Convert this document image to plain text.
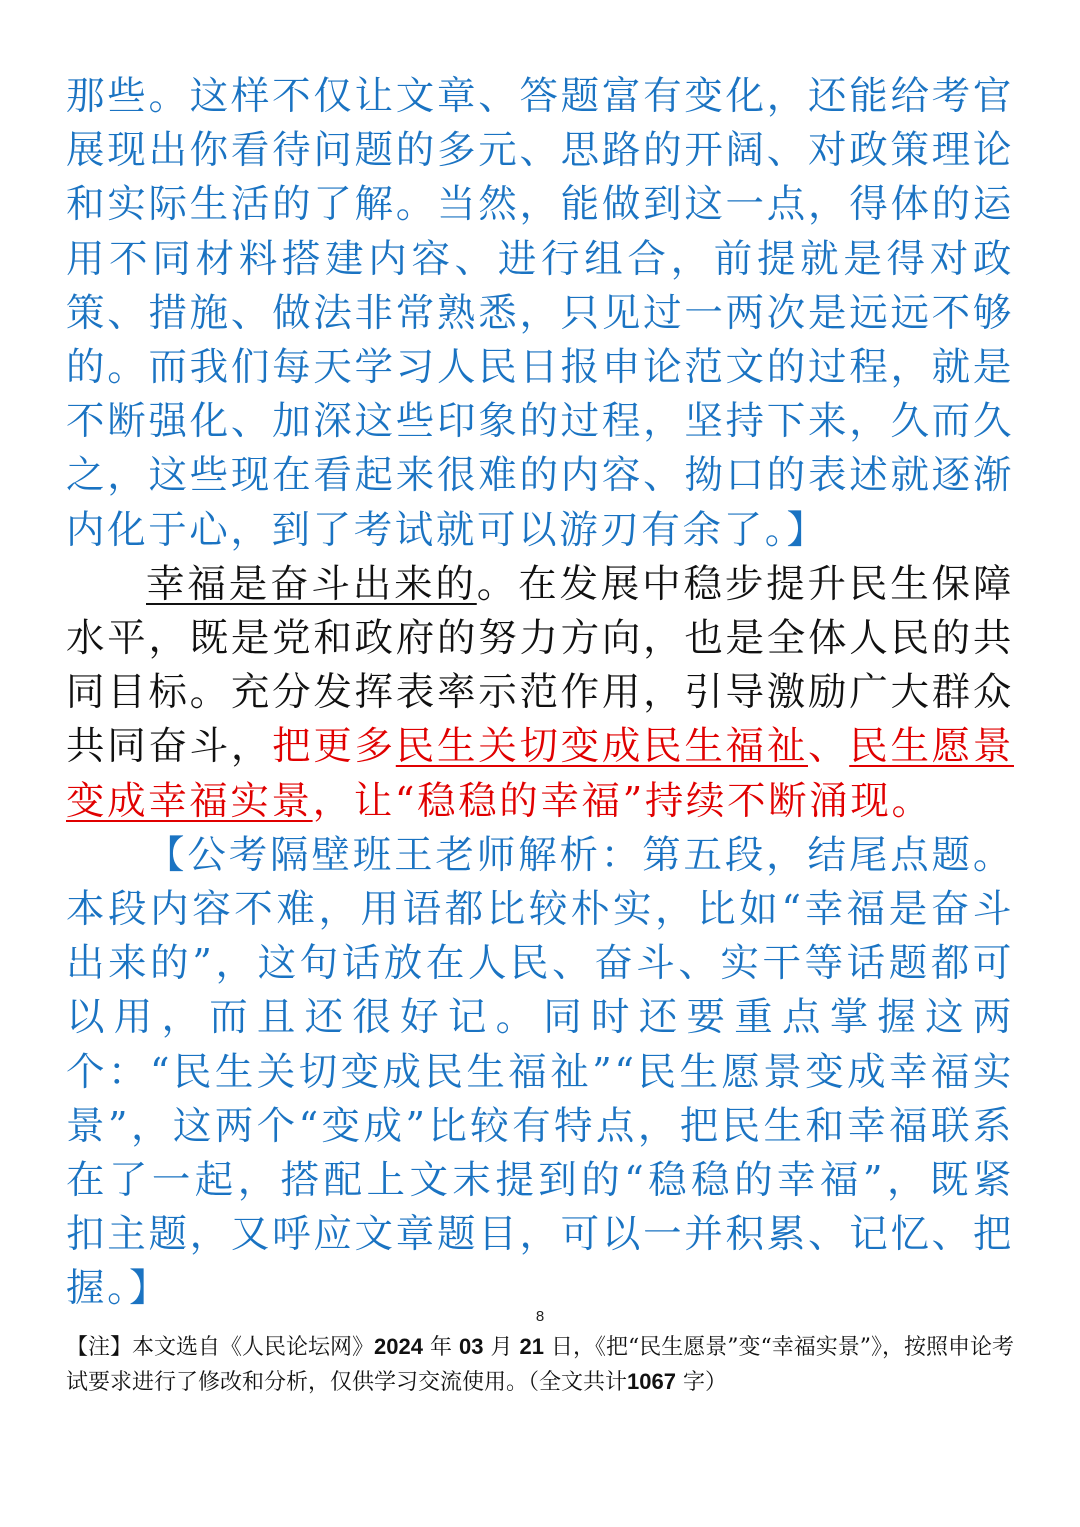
那些。这样不仅让文章、答题富有变化，还能给考官展现出你看待问题的多元、思路的开阔、对政策理论和实际生活的了解。当然，能做到这一点，得体的运用不同材料搭建内容、进行组合，前提就是得对政策、措施、做法非常熟悉，只见过一两次是远远不够的。而我们每天学习人民日报申论范文的过程，就是不断强化、加深这些印象的过程，坚持下来，久而久之，这些现在看起来很难的内容、拗口的表述就逐渐内化于心，到了考试就可以游刃有余了。】

幸福是奋斗出来的。在发展中稳步提升民生保障水平，既是党和政府的努力方向，也是全体人民的共同目标。充分发挥表率示范作用，引导激励广大群众共同奋斗，把更多民生关切变成民生福祉、民生愿景变成幸福实景，让“稳稳的幸福”持续不断涌现。

【公考隔壁班王老师解析：第五段，结尾点题。本段内容不难，用语都比较朴实，比如“幸福是奋斗出来的”，这句话放在人民、奋斗、实干等话题都可以用，而且还很好记。同时还要重点掌握这两个：“民生关切变成民生福祉”“民生愿景变成幸福实景”，这两个“变成”比较有特点，把民生和幸福联系在了一起，搭配上文末提到的“稳稳的幸福”，既紧扣主题，又呼应文章题目，可以一并积累、记忆、把握。】

8
【注】本文选自《人民论坛网》2024 年 03 月 21 日，《把“民生愿景”变“幸福实景”》，按照申论考试要求进行了修改和分析，仅供学习交流使用。（全文共计1067 字）
